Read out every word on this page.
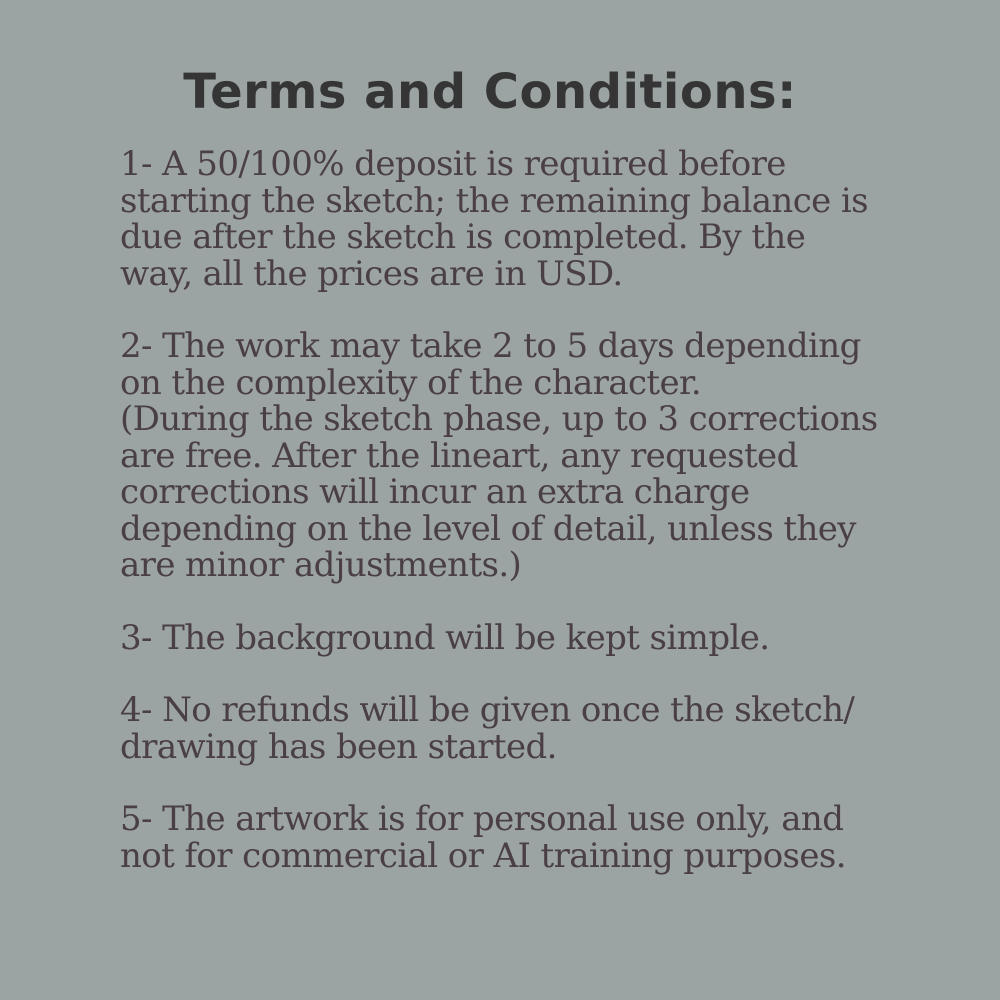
Terms and Conditions:
1- A 50/100% deposit is required before
starting the sketch; the remaining balance is
due after the sketch is completed. By the
way, all the prices are in USD.
2- The work may take 2 to 5 days depending
on the complexity of the character.
(During the sketch phase, up to 3 corrections
are free. After the lineart, any requested
corrections will incur an extra charge
depending on the level of detail, unless they
are minor adjustments.)
3- The background will be kept simple.
4- No refunds will be given once the sketch/
drawing has been started.
5- The artwork is for personal use only, and
not for commercial or AI training purposes.
